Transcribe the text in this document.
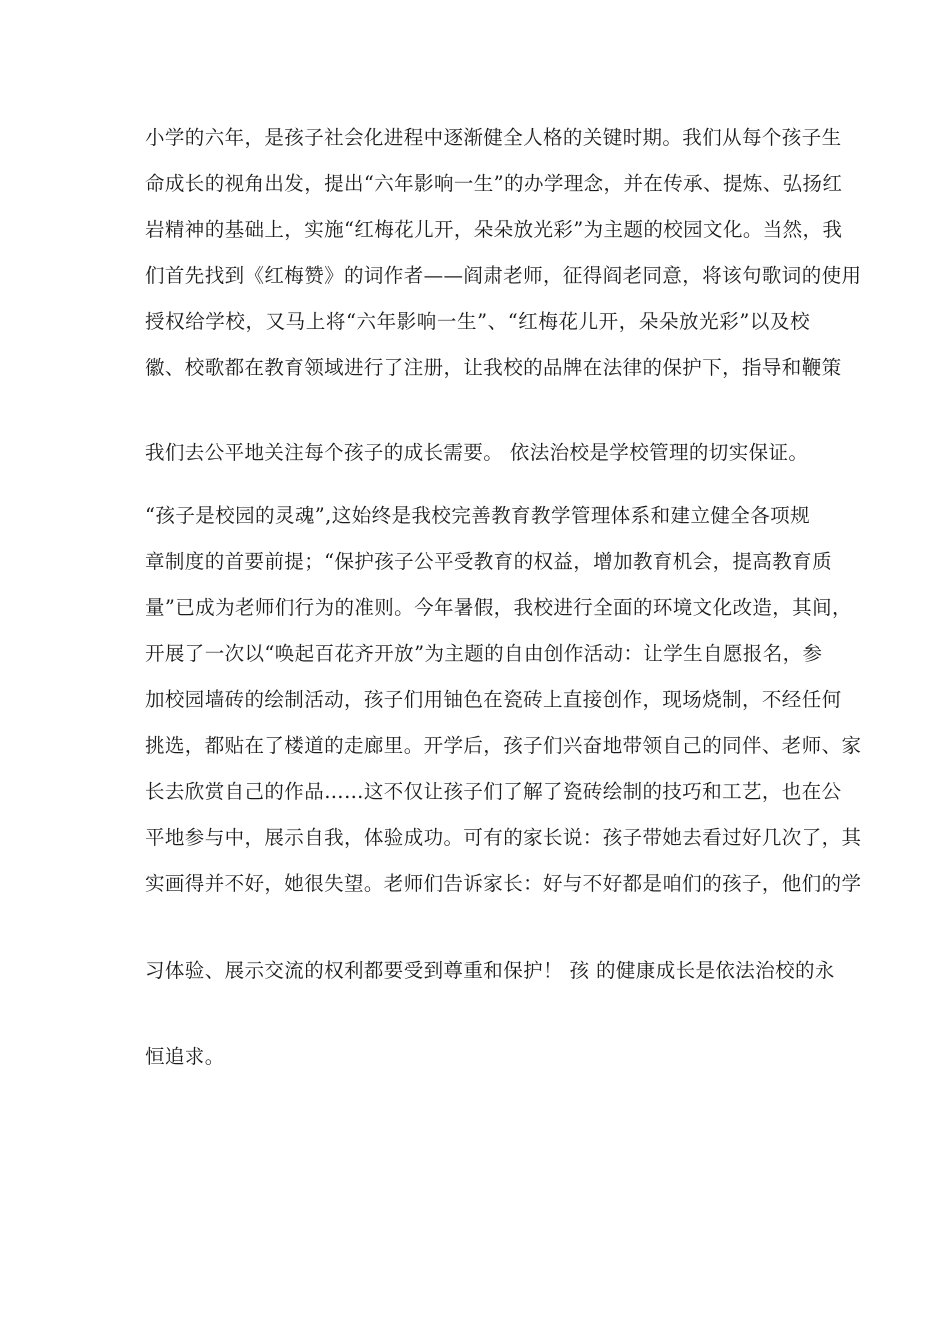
小学的六年，是孩子社会化进程中逐渐健全人格的关键时期。我们从每个孩子生
命成长的视角出发，提出“六年影响一生”的办学理念，并在传承、提炼、弘扬红
岩精神的基础上，实施“红梅花儿开，朵朵放光彩”为主题的校园文化。当然，我
们首先找到《红梅赞》的词作者——阎肃老师，征得阎老同意，将该句歌词的使用
授权给学校，又马上将“六年影响一生”、“红梅花儿开，朵朵放光彩”以及校
徽、校歌都在教育领域进行了注册，让我校的品牌在法律的保护下，指导和鞭策
我们去公平地关注每个孩子的成长需要。 依法治校是学校管理的切实保证。
“孩子是校园的灵魂”,这始终是我校完善教育教学管理体系和建立健全各项规
章制度的首要前提；“保护孩子公平受教育的权益，增加教育机会，提高教育质
量”已成为老师们行为的准则。今年暑假，我校进行全面的环境文化改造，其间，
开展了一次以“唤起百花齐开放”为主题的自由创作活动：让学生自愿报名，参
加校园墙砖的绘制活动，孩子们用铀色在瓷砖上直接创作，现场烧制，不经任何
挑选，都贴在了楼道的走廊里。开学后，孩子们兴奋地带领自己的同伴、老师、家
长去欣赏自己的作品……这不仅让孩子们了解了瓷砖绘制的技巧和工艺，也在公
平地参与中，展示自我，体验成功。可有的家长说：孩子带她去看过好几次了，其
实画得并不好，她很失望。老师们告诉家长：好与不好都是咱们的孩子，他们的学
习体验、展示交流的权利都要受到尊重和保护！ 孩 的健康成长是依法治校的永
恒追求。
